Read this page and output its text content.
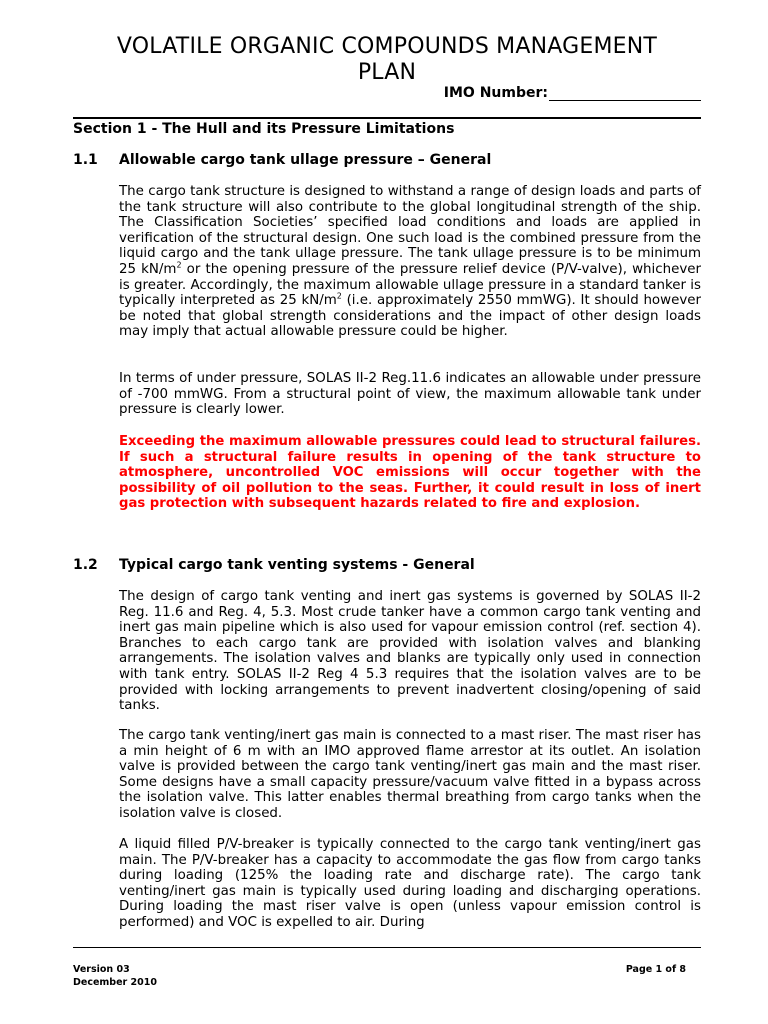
VOLATILE ORGANIC COMPOUNDS MANAGEMENT
PLAN
IMO Number:
Section 1 - The Hull and its Pressure Limitations
1.1	Allowable cargo tank ullage pressure – General
The cargo tank structure is designed to withstand a range of design loads and parts of the tank structure will also contribute to the global longitudinal strength of the ship. The Classification Societies’ specified load conditions and loads are applied in verification of the structural design. One such load is the combined pressure from the liquid cargo and the tank ullage pressure. The tank ullage pressure is to be minimum 25 $kN/m^2$ or the opening pressure of the pressure relief device (P/V-valve), whichever is greater. Accordingly, the maximum allowable ullage pressure in a standard tanker is typically interpreted as 25 $kN/m^2$ (i.e. approximately 2550 mmWG). It should however be noted that global strength considerations and the impact of other design loads may imply that actual allowable pressure could be higher.
In terms of under pressure, SOLAS II-2 Reg.11.6 indicates an allowable under pressure of -700 mmWG. From a structural point of view, the maximum allowable tank under pressure is clearly lower.
Exceeding the maximum allowable pressures could lead to structural failures. If such a structural failure results in opening of the tank structure to atmosphere, uncontrolled VOC emissions will occur together with the possibility of oil pollution to the seas. Further, it could result in loss of inert gas protection with subsequent hazards related to fire and explosion.
1.2	Typical cargo tank venting systems - General
The design of cargo tank venting and inert gas systems is governed by SOLAS II-2 Reg. 11.6 and Reg. 4, 5.3. Most crude tanker have a common cargo tank venting and inert gas main pipeline which is also used for vapour emission control (ref. section 4). Branches to each cargo tank are provided with isolation valves and blanking arrangements. The isolation valves and blanks are typically only used in connection with tank entry. SOLAS II-2 Reg 4 5.3 requires that the isolation valves are to be provided with locking arrangements to prevent inadvertent closing/opening of said tanks.
The cargo tank venting/inert gas main is connected to a mast riser. The mast riser has a min height of 6 m with an IMO approved flame arrestor at its outlet. An isolation valve is provided between the cargo tank venting/inert gas main and the mast riser. Some designs have a small capacity pressure/vacuum valve fitted in a bypass across the isolation valve. This latter enables thermal breathing from cargo tanks when the isolation valve is closed.
A liquid filled P/V-breaker is typically connected to the cargo tank venting/inert gas main. The P/V-breaker has a capacity to accommodate the gas flow from cargo tanks during loading (125% the loading rate and discharge rate). The cargo tank venting/inert gas main is typically used during loading and discharging operations. During loading the mast riser valve is open (unless vapour emission control is performed) and VOC is expelled to air. During
Version 03
December 2010
Page 1 of 8
